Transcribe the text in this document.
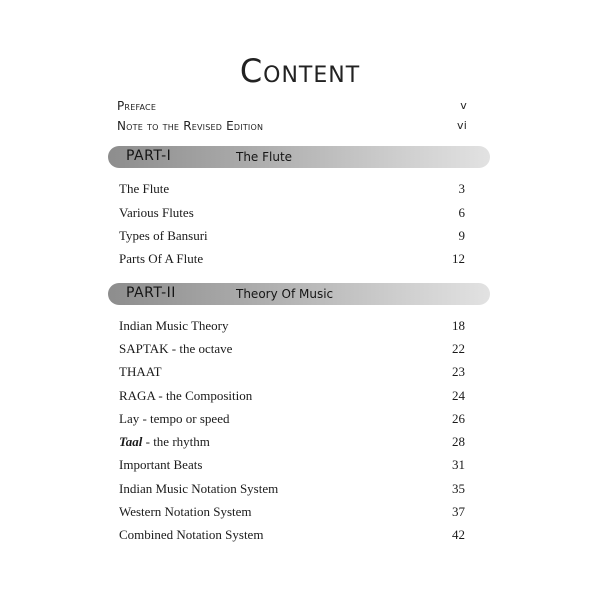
Content
Preface	v
Note to the Revised Edition	vi
PART-I	The Flute
The Flute	3
Various Flutes	6
Types of Bansuri	9
Parts Of A Flute	12
PART-II	Theory Of Music
Indian Music Theory	18
SAPTAK - the octave	22
THAAT	23
RAGA - the Composition	24
Lay - tempo or speed	26
Taal - the rhythm	28
Important Beats	31
Indian Music Notation System	35
Western Notation System	37
Combined Notation System	42
